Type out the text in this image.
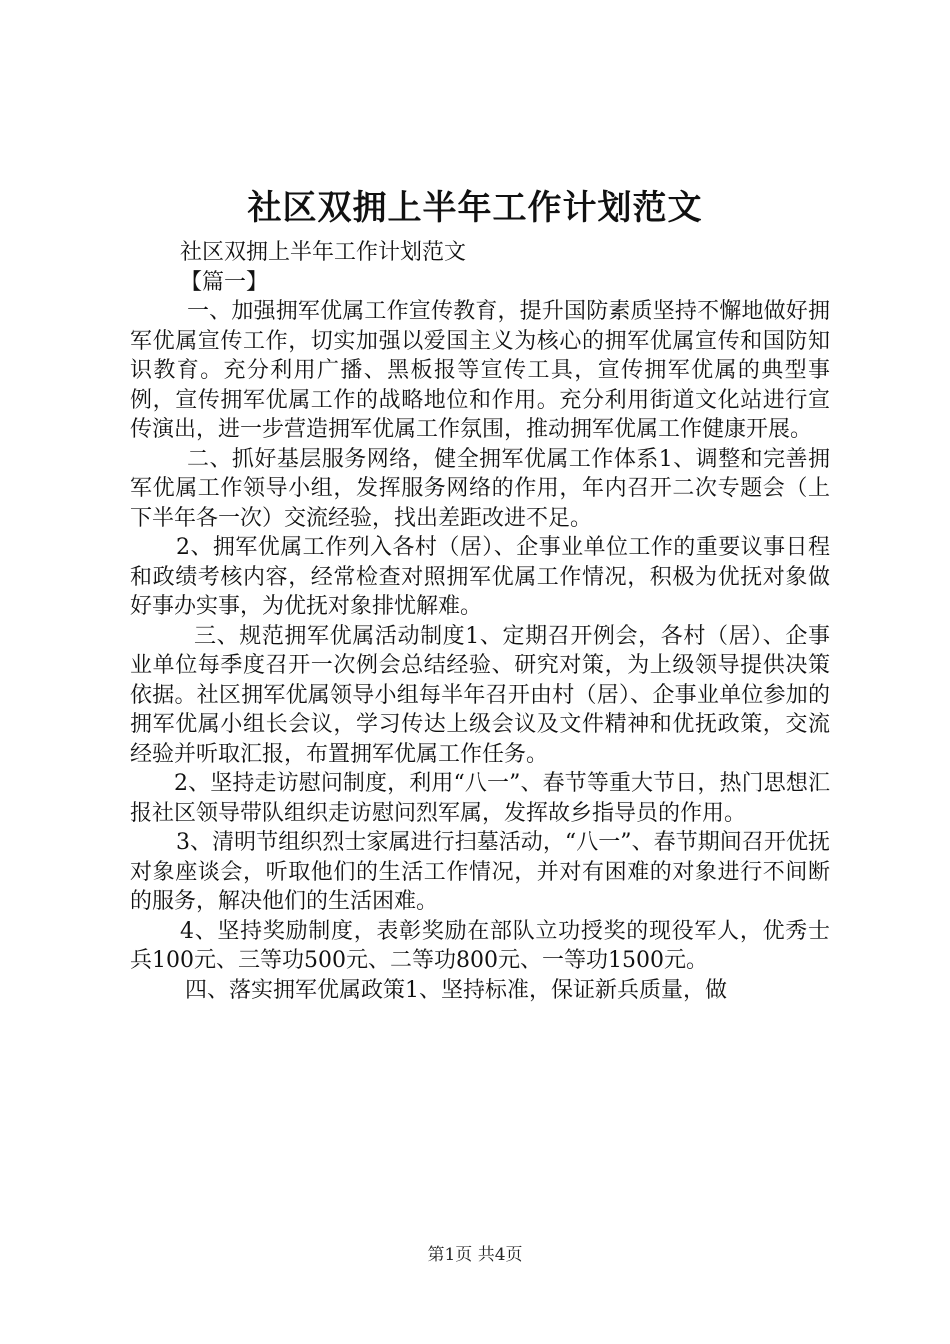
社区双拥上半年工作计划范文

社区双拥上半年工作计划范文

【篇一】

一、加强拥军优属工作宣传教育，提升国防素质坚持不懈地做好拥军优属宣传工作，切实加强以爱国主义为核心的拥军优属宣传和国防知识教育。充分利用广播、黑板报等宣传工具，宣传拥军优属的典型事例，宣传拥军优属工作的战略地位和作用。充分利用街道文化站进行宣传演出，进一步营造拥军优属工作氛围，推动拥军优属工作健康开展。

二、抓好基层服务网络，健全拥军优属工作体系1、调整和完善拥军优属工作领导小组，发挥服务网络的作用，年内召开二次专题会（上下半年各一次）交流经验，找出差距改进不足。

2、拥军优属工作列入各村（居）、企事业单位工作的重要议事日程和政绩考核内容，经常检查对照拥军优属工作情况，积极为优抚对象做好事办实事，为优抚对象排忧解难。

三、规范拥军优属活动制度1、定期召开例会，各村（居）、企事业单位每季度召开一次例会总结经验、研究对策，为上级领导提供决策依据。社区拥军优属领导小组每半年召开由村（居）、企事业单位参加的拥军优属小组长会议，学习传达上级会议及文件精神和优抚政策，交流经验并听取汇报，布置拥军优属工作任务。

2、坚持走访慰问制度，利用“八一”、春节等重大节日，热门思想汇报社区领导带队组织走访慰问烈军属，发挥故乡指导员的作用。

3、清明节组织烈士家属进行扫墓活动，“八一”、春节期间召开优抚对象座谈会，听取他们的生活工作情况，并对有困难的对象进行不间断的服务，解决他们的生活困难。

4、坚持奖励制度，表彰奖励在部队立功授奖的现役军人，优秀士兵100元、三等功500元、二等功800元、一等功1500元。

四、落实拥军优属政策1、坚持标准，保证新兵质量，做

第1页 共4页
